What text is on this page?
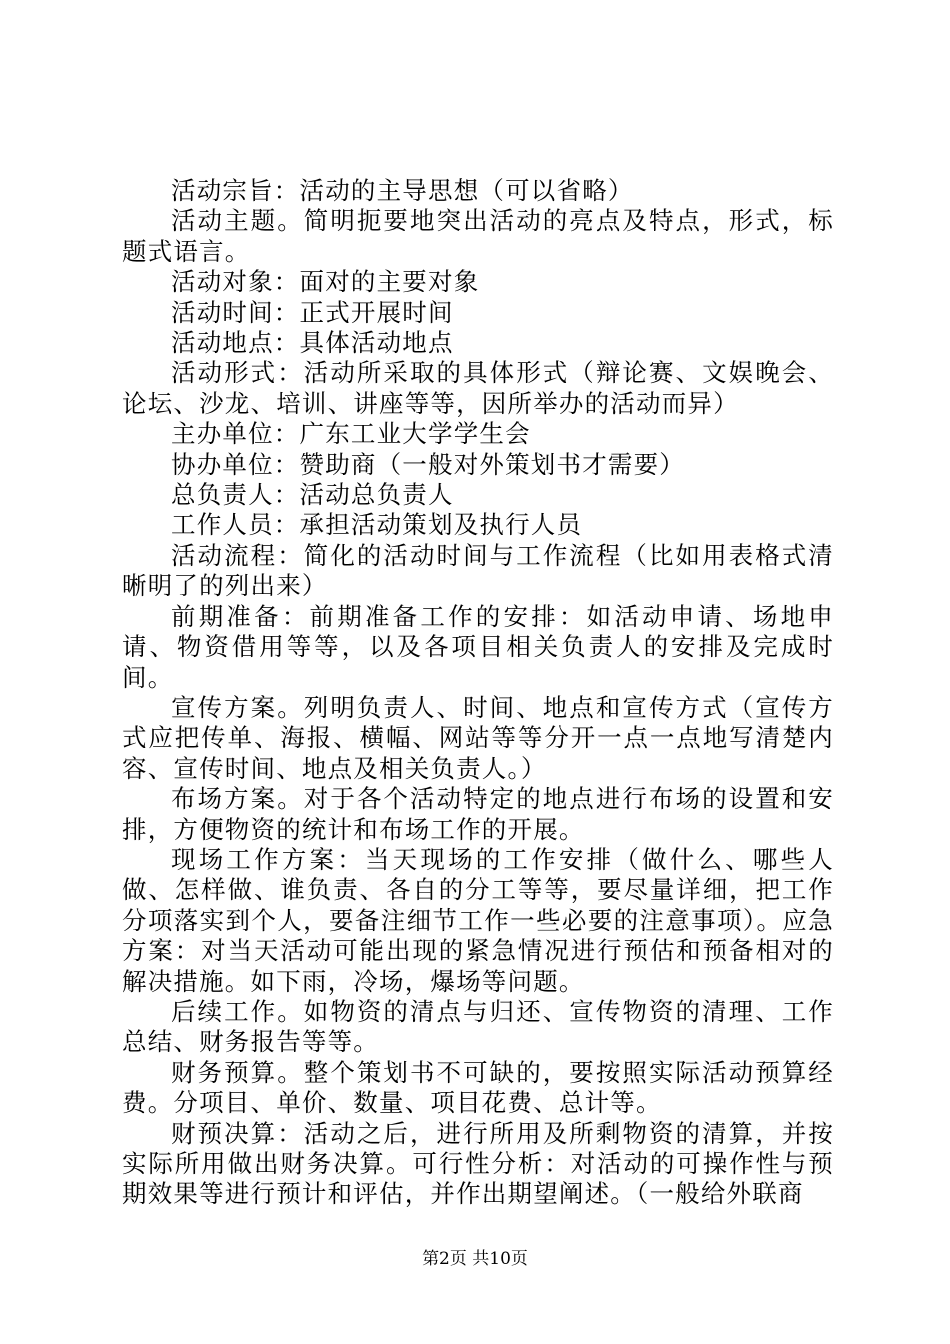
活动宗旨：活动的主导思想（可以省略）

活动主题。简明扼要地突出活动的亮点及特点，形式，标题式语言。

活动对象：面对的主要对象

活动时间：正式开展时间

活动地点：具体活动地点

活动形式：活动所采取的具体形式（辩论赛、文娱晚会、论坛、沙龙、培训、讲座等等，因所举办的活动而异）

主办单位：广东工业大学学生会

协办单位：赞助商（一般对外策划书才需要）

总负责人：活动总负责人

工作人员：承担活动策划及执行人员

活动流程：简化的活动时间与工作流程（比如用表格式清晰明了的列出来）

前期准备：前期准备工作的安排：如活动申请、场地申请、物资借用等等，以及各项目相关负责人的安排及完成时间。

宣传方案。列明负责人、时间、地点和宣传方式（宣传方式应把传单、海报、横幅、网站等等分开一点一点地写清楚内容、宣传时间、地点及相关负责人。）

布场方案。对于各个活动特定的地点进行布场的设置和安排，方便物资的统计和布场工作的开展。

现场工作方案：当天现场的工作安排（做什么、哪些人做、怎样做、谁负责、各自的分工等等，要尽量详细，把工作分项落实到个人，要备注细节工作一些必要的注意事项）。应急方案：对当天活动可能出现的紧急情况进行预估和预备相对的解决措施。如下雨，冷场，爆场等问题。

后续工作。如物资的清点与归还、宣传物资的清理、工作总结、财务报告等等。

财务预算。整个策划书不可缺的，要按照实际活动预算经费。分项目、单价、数量、项目花费、总计等。

财预决算：活动之后，进行所用及所剩物资的清算，并按实际所用做出财务决算。可行性分析：对活动的可操作性与预期效果等进行预计和评估，并作出期望阐述。（一般给外联商

第2页 共10页
